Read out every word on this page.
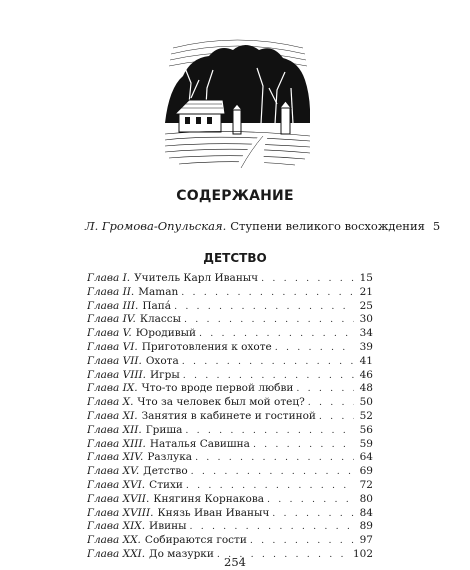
СОДЕРЖАНИЕ
Л. Громова-Опульская. Ступени великого восхождения 5
ДЕТСТВО
Глава I. Учитель Карл Иваныч . . .	15
Глава II. Maman . . .	21
Глава III. Папá . . .	25
Глава IV. Классы . . .	30
Глава V. Юродивый . . .	34
Глава VI. Приготовления к охоте . . .	39
Глава VII. Охота . . .	41
Глава VIII. Игры . . .	46
Глава IX. Что-то вроде первой любви . . .	48
Глава X. Что за человек был мой отец? . . .	50
Глава XI. Занятия в кабинете и гостиной . . .	52
Глава XII. Гриша . . .	56
Глава XIII. Наталья Савишна . . .	59
Глава XIV. Разлука . . .	64
Глава XV. Детство . . .	69
Глава XVI. Стихи . . .	72
Глава XVII. Княгиня Корнакова . . .	80
Глава XVIII. Князь Иван Иваныч . . .	84
Глава XIX. Ивины . . .	89
Глава XX. Собираются гости . . .	97
Глава XXI. До мазурки . . .	102
254
